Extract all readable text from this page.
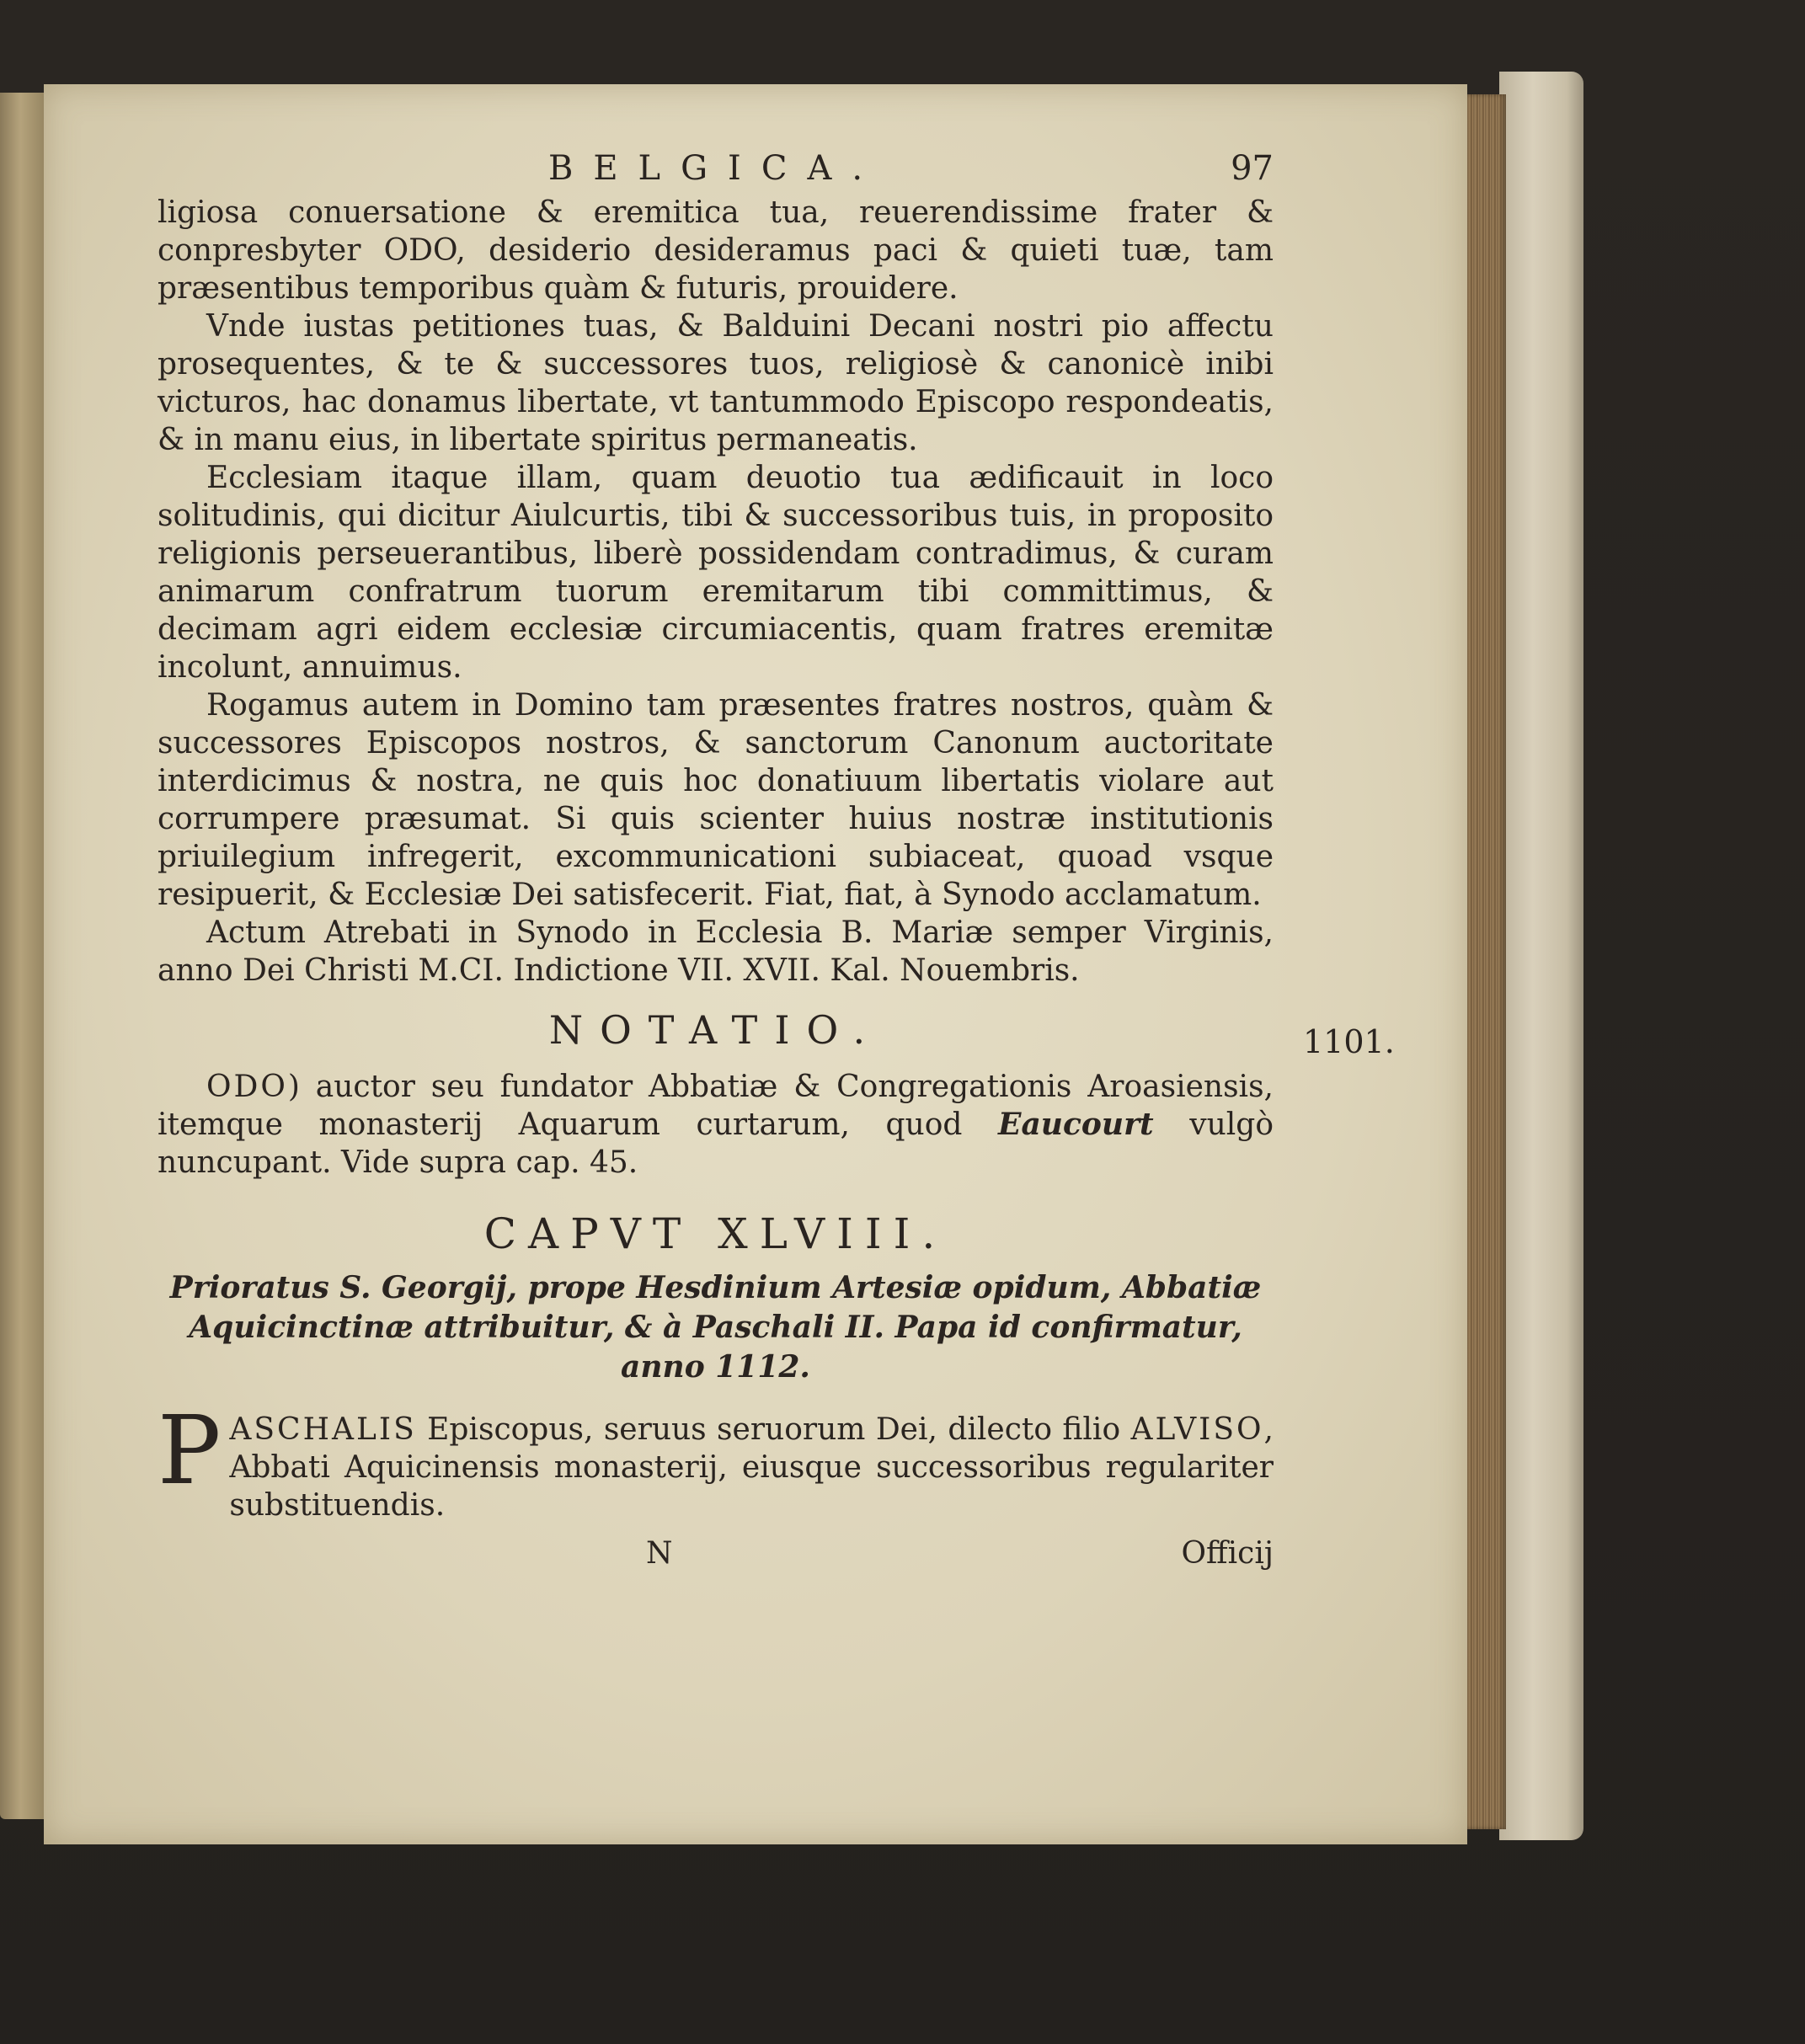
1101.
BELGICA.	97

ligiosa conuersatione & eremitica tua, reuerendissime frater & conpresbyter ODO, desiderio desideramus paci & quieti tuæ, tam præsentibus temporibus quàm & futuris, prouidere.

Vnde iustas petitiones tuas, & Balduini Decani nostri pio affectu prosequentes, & te & successores tuos, religiosè & canonicè inibi victuros, hac donamus libertate, vt tantummodo Episcopo respondeatis, & in manu eius, in libertate spiritus permaneatis.

Ecclesiam itaque illam, quam deuotio tua ædificauit in loco solitudinis, qui dicitur Aiulcurtis, tibi & successoribus tuis, in proposito religionis perseuerantibus, liberè possidendam contradimus, & curam animarum confratrum tuorum eremitarum tibi committimus, & decimam agri eidem ecclesiæ circumiacentis, quam fratres eremitæ incolunt, annuimus.

Rogamus autem in Domino tam præsentes fratres nostros, quàm & successores Episcopos nostros, & sanctorum Canonum auctoritate interdicimus & nostra, ne quis hoc donatiuum libertatis violare aut corrumpere præsumat. Si quis scienter huius nostræ institutionis priuilegium infregerit, excommunicationi subiaceat, quoad vsque resipuerit, & Ecclesiæ Dei satisfecerit. Fiat, fiat, à Synodo acclamatum.

Actum Atrebati in Synodo in Ecclesia B. Mariæ semper Virginis, anno Dei Christi M.CI. Indictione VII. XVII. Kal. Nouembris.

NOTATIO.

ODO) auctor seu fundator Abbatiæ & Congregationis Aroasiensis, itemque monasterij Aquarum curtarum, quod Eaucourt vulgò nuncupant. Vide supra cap. 45.

CAPVT XLVIII.
Prioratus S. Georgij, prope Hesdinium Artesiæ opidum, Abbatiæ Aquicinctinæ attribuitur, & à Paschali II. Papa id confirmatur, anno 1112.

PASCHALIS Episcopus, seruus seruorum Dei, dilecto filio ALVISO, Abbati Aquicinensis monasterij, eiusque successoribus regulariter substituendis.

N	Officij
